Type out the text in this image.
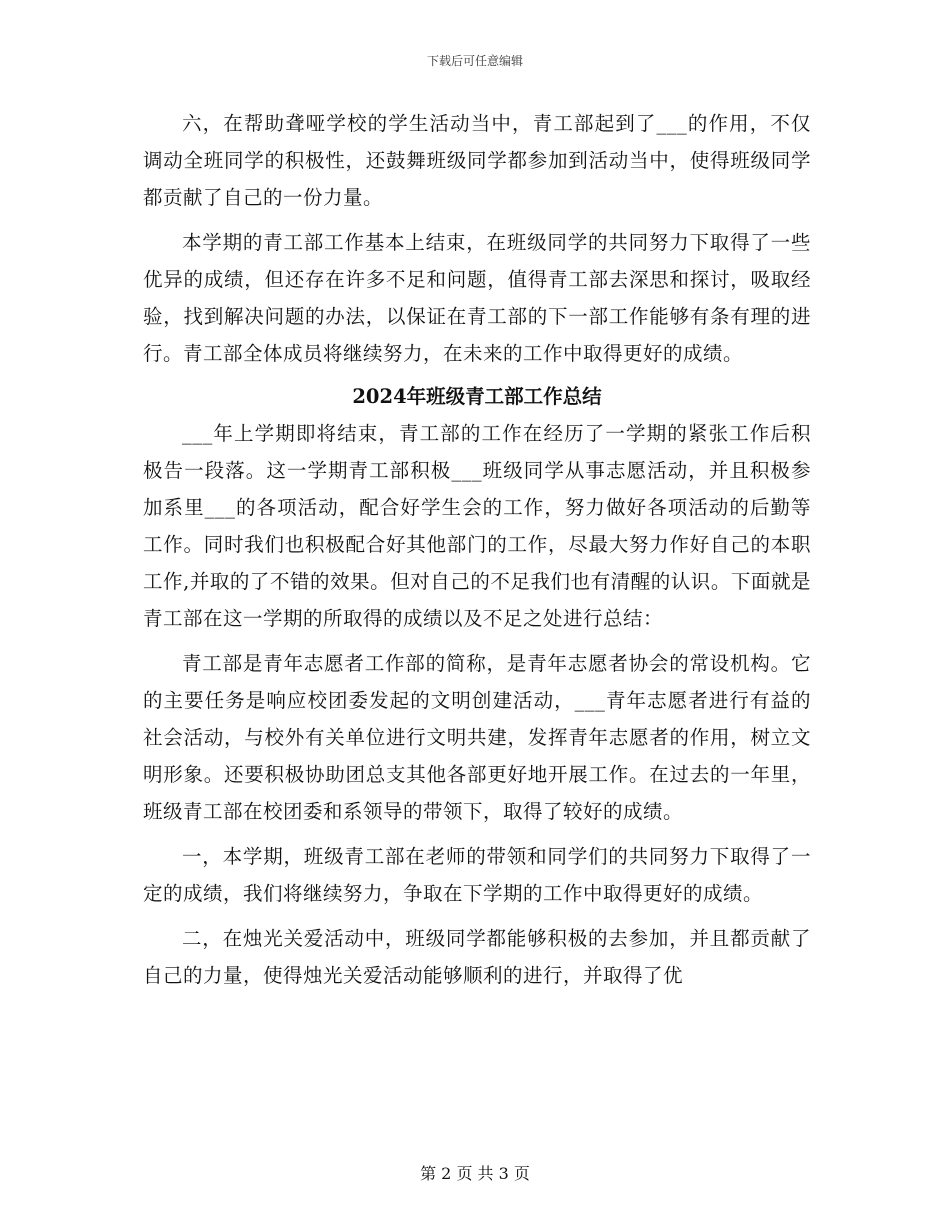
下载后可任意编辑

六，在帮助聋哑学校的学生活动当中，青工部起到了___的作用，不仅调动全班同学的积极性，还鼓舞班级同学都参加到活动当中，使得班级同学都贡献了自己的一份力量。

本学期的青工部工作基本上结束，在班级同学的共同努力下取得了一些优异的成绩，但还存在许多不足和问题，值得青工部去深思和探讨，吸取经验，找到解决问题的办法，以保证在青工部的下一部工作能够有条有理的进行。青工部全体成员将继续努力，在未来的工作中取得更好的成绩。

2024年班级青工部工作总结

___年上学期即将结束，青工部的工作在经历了一学期的紧张工作后积极告一段落。这一学期青工部积极___班级同学从事志愿活动，并且积极参加系里___的各项活动，配合好学生会的工作，努力做好各项活动的后勤等工作。同时我们也积极配合好其他部门的工作，尽最大努力作好自己的本职工作,并取的了不错的效果。但对自己的不足我们也有清醒的认识。下面就是青工部在这一学期的所取得的成绩以及不足之处进行总结：

青工部是青年志愿者工作部的简称，是青年志愿者协会的常设机构。它的主要任务是响应校团委发起的文明创建活动，___青年志愿者进行有益的社会活动，与校外有关单位进行文明共建，发挥青年志愿者的作用，树立文明形象。还要积极协助团总支其他各部更好地开展工作。在过去的一年里，班级青工部在校团委和系领导的带领下，取得了较好的成绩。

一，本学期，班级青工部在老师的带领和同学们的共同努力下取得了一定的成绩，我们将继续努力，争取在下学期的工作中取得更好的成绩。

二，在烛光关爱活动中，班级同学都能够积极的去参加，并且都贡献了自己的力量，使得烛光关爱活动能够顺利的进行，并取得了优

第 2 页 共 3 页
